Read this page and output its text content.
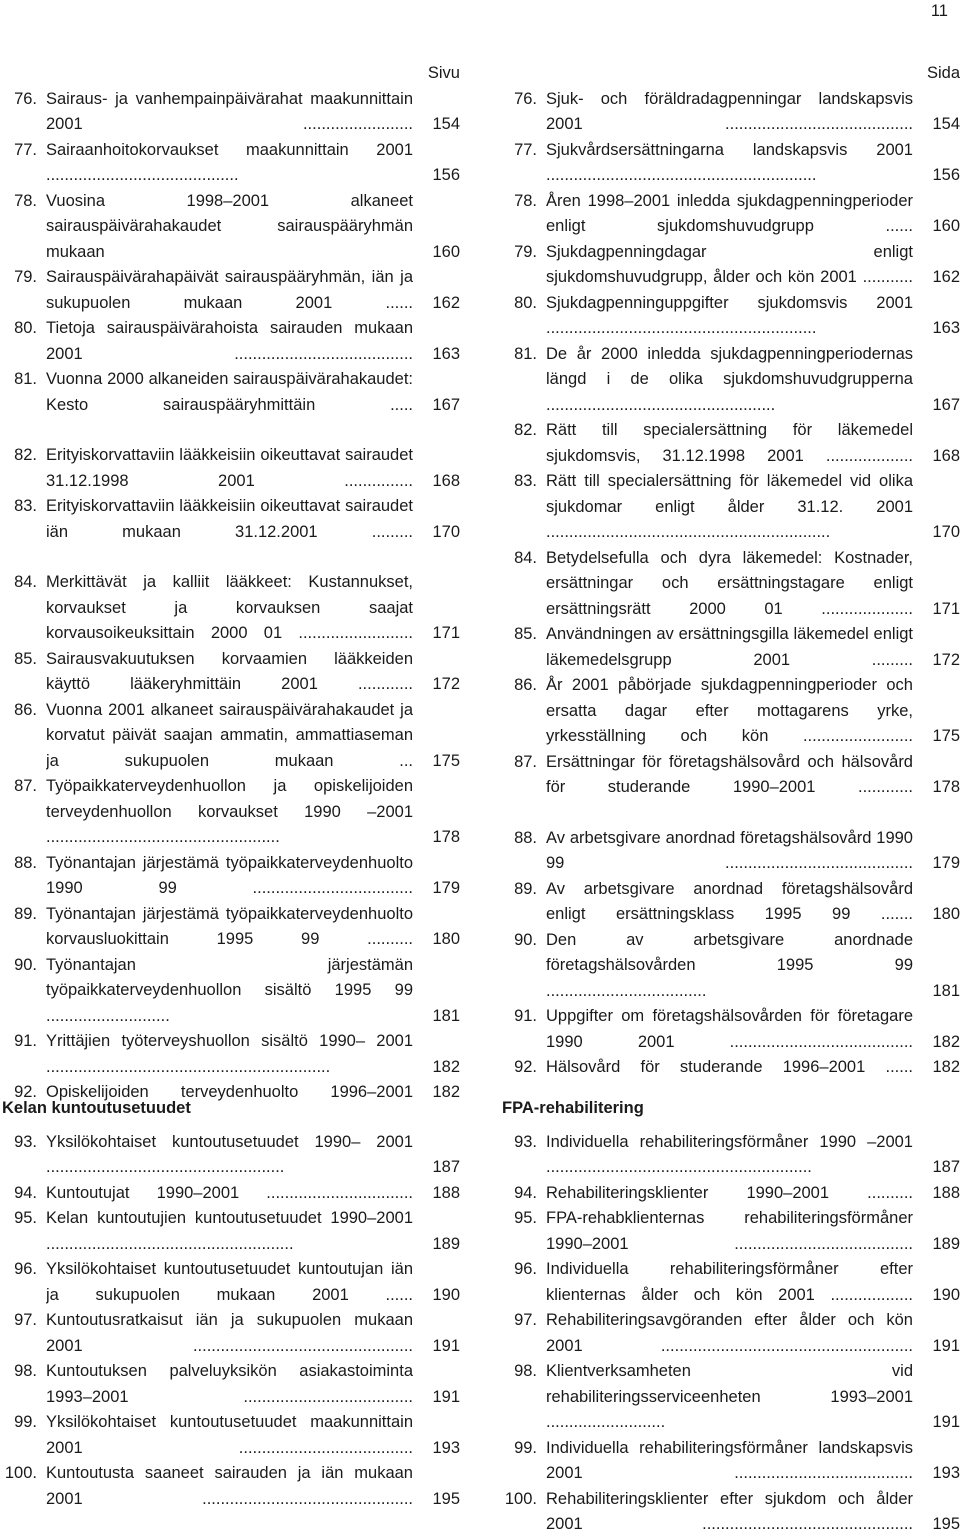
11
Sivu
76. Sairaus- ja vanhempainpäivärahat maakunnittain 2001 ........................	154
77. Sairaanhoitokorvaukset maakunnittain 2001 ..........................................	156
78. Vuosina 1998–2001 alkaneet sairauspäivärahakaudet sairauspääryhmän mukaan	160
79. Sairauspäivärahapäivät sairauspääryhmän, iän ja sukupuolen mukaan 2001 ......	162
80. Tietoja sairauspäivärahoista sairauden mukaan 2001 .......................................	163
81. Vuonna 2000 alkaneiden sairauspäivärahakaudet: Kesto sairauspääryhmittäin .....	167
82. Erityiskorvattaviin lääkkeisiin oikeuttavat sairaudet 31.12.1998 2001 ...............	168
83. Erityiskorvattaviin lääkkeisiin oikeuttavat sairaudet iän mukaan 31.12.2001 .........	170
84. Merkittävät ja kalliit lääkkeet: Kustannukset, korvaukset ja korvauksen saajat korvausoikeuksittain 2000 01 .........................	171
85. Sairausvakuutuksen korvaamien lääkkeiden käyttö lääkeryhmittäin 2001 ............	172
86. Vuonna 2001 alkaneet sairauspäivärahakaudet ja korvatut päivät saajan ammatin, ammattiaseman ja sukupuolen mukaan ...	175
87. Työpaikkaterveydenhuollon ja opiskelijoiden terveydenhuollon korvaukset 1990 –2001 ...................................................	178
88. Työnantajan järjestämä työpaikkaterveydenhuolto 1990 99 ...................................	179
89. Työnantajan järjestämä työpaikkaterveydenhuolto korvausluokittain 1995 99 ..........	180
90. Työnantajan järjestämän työpaikkaterveydenhuollon sisältö 1995 99 ...........................	181
91. Yrittäjien työterveyshuollon sisältö 1990– 2001 ..............................................................	182
92. Opiskelijoiden terveydenhuolto 1996–2001	182
Sida
76. Sjuk- och föräldradagpenningar landskapsvis 2001 .........................................	154
77. Sjukvårdsersättningarna landskapsvis 2001 ...........................................................	156
78. Åren 1998–2001 inledda sjukdagpenningperioder enligt sjukdomshuvudgrupp ......	160
79. Sjukdagpenningdagar enligt sjukdomshuvudgrupp, ålder och kön 2001 ...........	162
80. Sjukdagpenninguppgifter sjukdomsvis 2001 ...........................................................	163
81. De år 2000 inledda sjukdagpenningperiodernas längd i de olika sjukdomshuvudgrupperna ..................................................	167
82. Rätt till specialersättning för läkemedel sjukdomsvis, 31.12.1998 2001 ...................	168
83. Rätt till specialersättning för läkemedel vid olika sjukdomar enligt ålder 31.12. 2001 ..............................................................	170
84. Betydelsefulla och dyra läkemedel: Kostnader, ersättningar och ersättningstagare enligt ersättningsrätt 2000 01 ....................	171
85. Användningen av ersättningsgilla läkemedel enligt läkemedelsgrupp 2001 .........	172
86. År 2001 påbörjade sjukdagpenningperioder och ersatta dagar efter mottagarens yrke, yrkesställning och kön ........................	175
87. Ersättningar för företagshälsovård och hälsovård för studerande 1990–2001 ............	178
88. Av arbetsgivare anordnad företagshälsovård 1990 99 .........................................	179
89. Av arbetsgivare anordnad företagshälsovård enligt ersättningsklass 1995 99 .......	180
90. Den av arbetsgivare anordnade företagshälsovården 1995 99 ...................................	181
91. Uppgifter om företagshälsovården för företagare 1990 2001 ........................................	182
92. Hälsovård för studerande 1996–2001 ......	182
Kelan kuntoutusetuudet
93. Yksilökohtaiset kuntoutusetuudet 1990– 2001 ....................................................	187
94. Kuntoutujat 1990–2001 ................................	188
95. Kelan kuntoutujien kuntoutusetuudet 1990–2001 ......................................................	189
96. Yksilökohtaiset kuntoutusetuudet kuntoutujan iän ja sukupuolen mukaan 2001 ......	190
97. Kuntoutusratkaisut iän ja sukupuolen mukaan 2001 ................................................	191
98. Kuntoutuksen palveluyksikön asiakastoiminta 1993–2001 .....................................	191
99. Yksilökohtaiset kuntoutusetuudet maakunnittain 2001 ......................................	193
100. Kuntoutusta saaneet sairauden ja iän mukaan 2001 ..............................................	195
FPA-rehabilitering
93. Individuella rehabiliteringsförmåner 1990 –2001 ..........................................................	187
94. Rehabiliteringsklienter 1990–2001 ..........	188
95. FPA-rehabklienternas rehabiliteringsförmåner 1990–2001 .......................................	189
96. Individuella rehabiliteringsförmåner efter klienternas ålder och kön 2001 ..................	190
97. Rehabiliteringsavgöranden efter ålder och kön 2001 .......................................................	191
98. Klientverksamheten vid rehabiliteringsserviceenheten 1993–2001 ..........................	191
99. Individuella rehabiliteringsförmåner landskapsvis 2001 .......................................	193
100. Rehabiliteringsklienter efter sjukdom och ålder 2001 ..............................................	195
